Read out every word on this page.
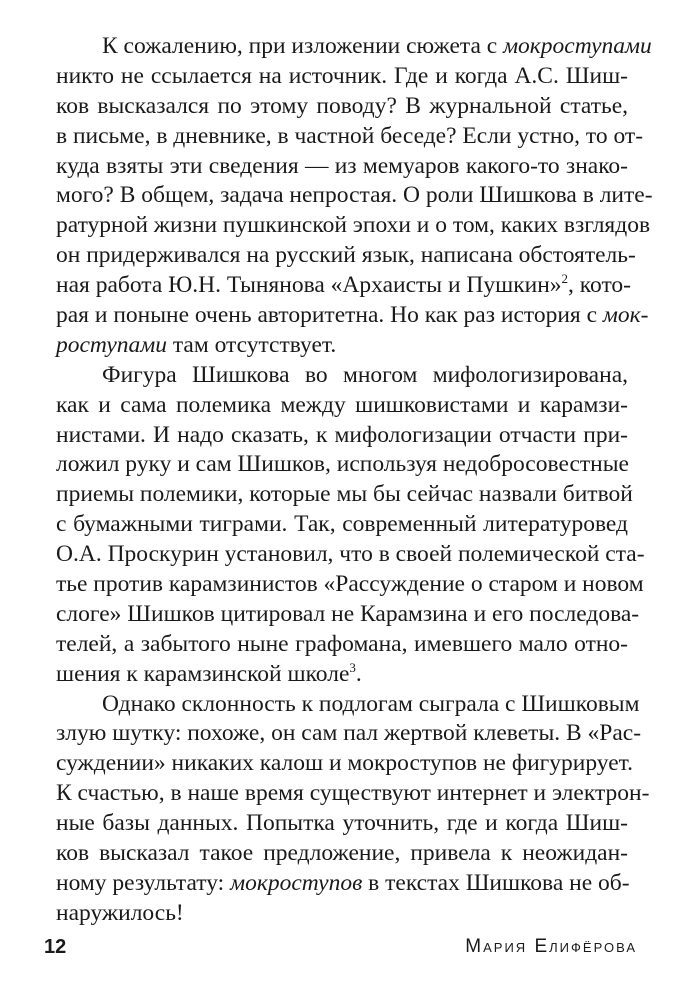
К сожалению, при изложении сюжета с мокроступами
никто не ссылается на источник. Где и когда А.С. Шиш-
ков высказался по этому поводу? В журнальной статье,
в письме, в дневнике, в частной беседе? Если устно, то от-
куда взяты эти сведения — из мемуаров какого-то знако-
мого? В общем, задача непростая. О роли Шишкова в лите-
ратурной жизни пушкинской эпохи и о том, каких взглядов
он придерживался на русский язык, написана обстоятель-
ная работа Ю.Н. Тынянова «Архаисты и Пушкин»$^2$, кото-
рая и поныне очень авторитетна. Но как раз история с мок-
роступами там отсутствует.
Фигура Шишкова во многом мифологизирована,
как и сама полемика между шишковистами и карамзи-
нистами. И надо сказать, к мифологизации отчасти при-
ложил руку и сам Шишков, используя недобросовестные
приемы полемики, которые мы бы сейчас назвали битвой
с бумажными тиграми. Так, современный литературовед
О.А. Проскурин установил, что в своей полемической ста-
тье против карамзинистов «Рассуждение о старом и новом
слоге» Шишков цитировал не Карамзина и его последова-
телей, а забытого ныне графомана, имевшего мало отно-
шения к карамзинской школе$^3$.
Однако склонность к подлогам сыграла с Шишковым
злую шутку: похоже, он сам пал жертвой клеветы. В «Рас-
суждении» никаких калош и мокроступов не фигурирует.
К счастью, в наше время существуют интернет и электрон-
ные базы данных. Попытка уточнить, где и когда Шиш-
ков высказал такое предложение, привела к неожидан-
ному результату: мокроступов в текстах Шишкова не об-
наружилось!
12	Мария Елифёрова
